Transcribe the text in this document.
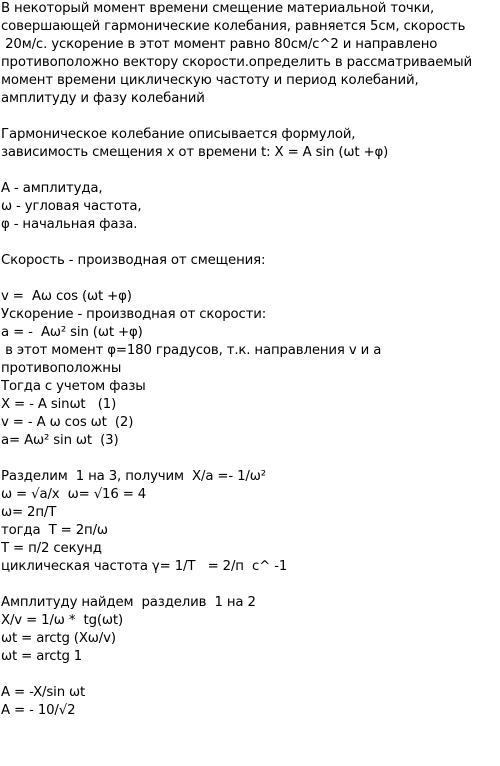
В некоторый момент времени смещение материальной точки,
совершающей гармонические колебания, равняется 5см, скорость
20м/с. ускорение в этот момент равно 80см/с^2 и направлено
противоположно вектору скорости.определить в рассматриваемый
момент времени циклическую частоту и период колебаний,
амплитуду и фазу колебаний
Гармоническое колебание описывается формулой,
зависимость смещения x от времени t: X = A sin (ωt +φ)
A - амплитуда,
ω - угловая частота,
φ - начальная фаза.
Скорость - производная от смещения:
v =  Aω cos (ωt +φ)
Ускорение - производная от скорости:
a = -  Aω² sin (ωt +φ)
в этот момент φ=180 градусов, т.к. направления v и a
противоположны
Тогда с учетом фазы
X = - A sinωt   (1)
v = - A ω cos ωt  (2)
a= Aω² sin ωt  (3)
Разделим  1 на 3, получим  X/a =- 1/ω²
ω = √a/x  ω= √16 = 4
ω= 2п/T
тогда  T = 2п/ω
T = п/2 секунд
циклическая частота γ= 1/T   = 2/п  c^ -1
Амплитуду найдем  разделив  1 на 2
X/v = 1/ω *  tg(ωt)
ωt = arctg (Xω/v)
ωt = arctg 1
A = -X/sin ωt
A = - 10/√2
